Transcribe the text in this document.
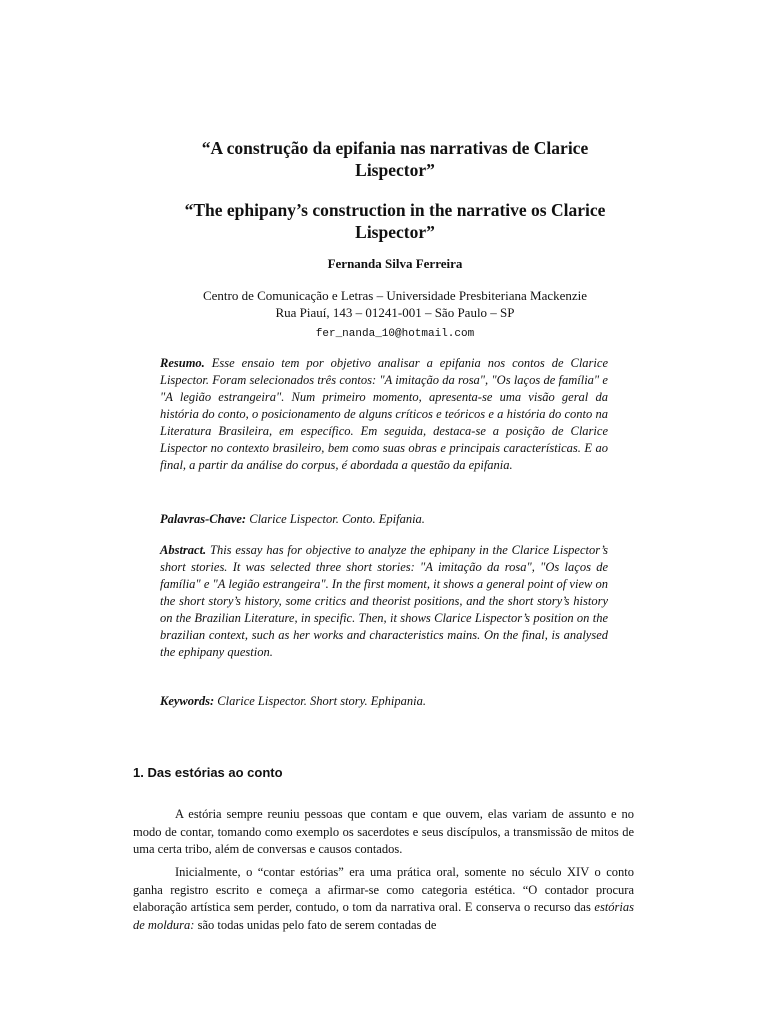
“A construção da epifania nas narrativas de Clarice Lispector”
“The ephipany’s construction in the narrative os Clarice Lispector”
Fernanda Silva Ferreira
Centro de Comunicação e Letras – Universidade Presbiteriana Mackenzie
Rua Piauí, 143 – 01241-001 – São Paulo – SP
fer_nanda_10@hotmail.com

Resumo. Esse ensaio tem por objetivo analisar a epifania nos contos de Clarice Lispector. Foram selecionados três contos: "A imitação da rosa", "Os laços de família" e "A legião estrangeira". Num primeiro momento, apresenta-se uma visão geral da história do conto, o posicionamento de alguns críticos e teóricos e a história do conto na Literatura Brasileira, em específico. Em seguida, destaca-se a posição de Clarice Lispector no contexto brasileiro, bem como suas obras e principais características. E ao final, a partir da análise do corpus, é abordada a questão da epifania.

Palavras-Chave: Clarice Lispector. Conto. Epifania.

Abstract. This essay has for objective to analyze the ephipany in the Clarice Lispector’s short stories. It was selected three short stories: "A imitação da rosa", "Os laços de família" e "A legião estrangeira". In the first moment, it shows a general point of view on the short story’s history, some critics and theorist positions, and the short story’s history on the Brazilian Literature, in specific. Then, it shows Clarice Lispector’s position on the brazilian context, such as her works and characteristics mains. On the final, is analysed the ephipany question.

Keywords: Clarice Lispector. Short story. Ephipania.

1. Das estórias ao conto

A estória sempre reuniu pessoas que contam e que ouvem, elas variam de assunto e no modo de contar, tomando como exemplo os sacerdotes e seus discípulos, a transmissão de mitos de uma certa tribo, além de conversas e causos contados.

Inicialmente, o “contar estórias” era uma prática oral, somente no século XIV o conto ganha registro escrito e começa a afirmar-se como categoria estética. “O contador procura elaboração artística sem perder, contudo, o tom da narrativa oral. E conserva o recurso das estórias de moldura: são todas unidas pelo fato de serem contadas de
